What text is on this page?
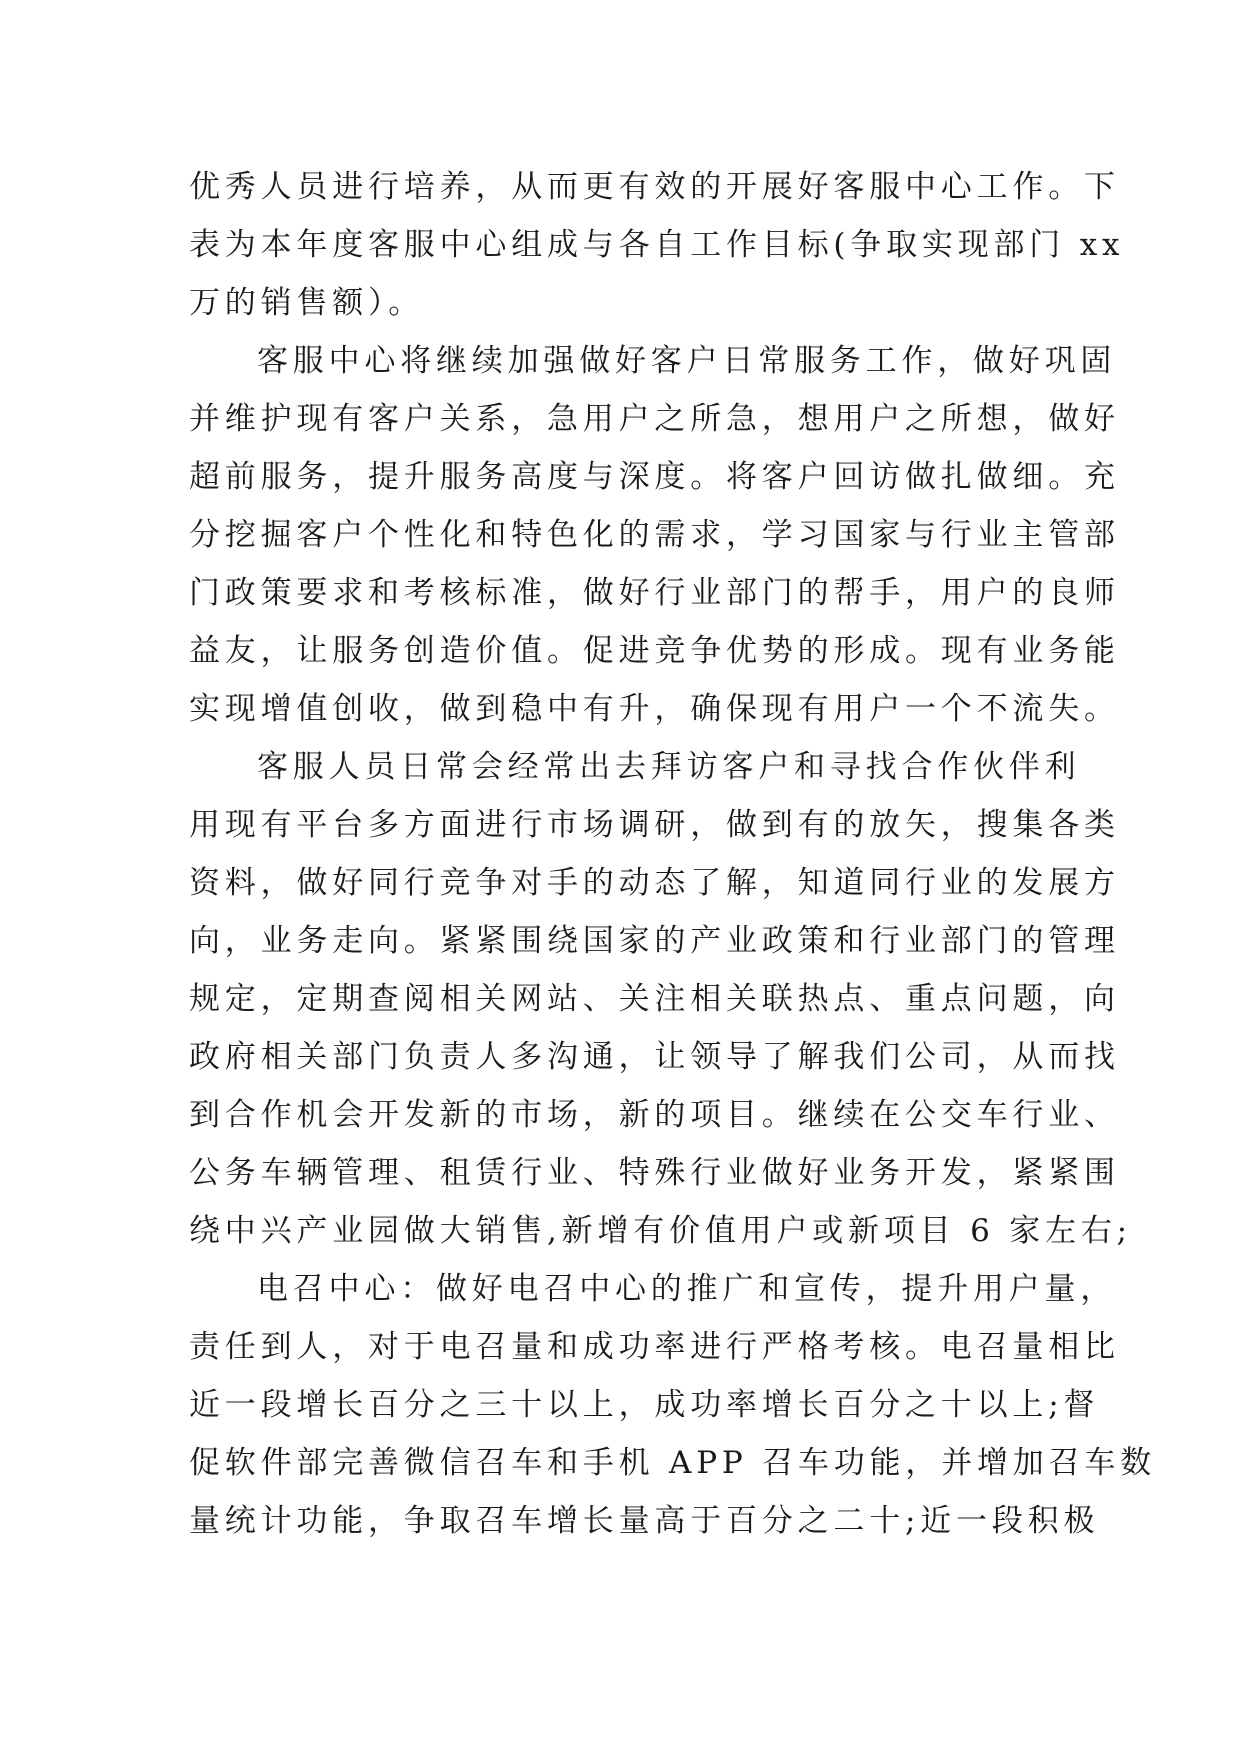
优秀人员进行培养，从而更有效的开展好客服中心工作。下
表为本年度客服中心组成与各自工作目标(争取实现部门 xx
万的销售额）。
客服中心将继续加强做好客户日常服务工作，做好巩固
并维护现有客户关系，急用户之所急，想用户之所想，做好
超前服务，提升服务高度与深度。将客户回访做扎做细。充
分挖掘客户个性化和特色化的需求，学习国家与行业主管部
门政策要求和考核标准，做好行业部门的帮手，用户的良师
益友，让服务创造价值。促进竞争优势的形成。现有业务能
实现增值创收，做到稳中有升，确保现有用户一个不流失。
客服人员日常会经常出去拜访客户和寻找合作伙伴利
用现有平台多方面进行市场调研，做到有的放矢，搜集各类
资料，做好同行竞争对手的动态了解，知道同行业的发展方
向，业务走向。紧紧围绕国家的产业政策和行业部门的管理
规定，定期查阅相关网站、关注相关联热点、重点问题，向
政府相关部门负责人多沟通，让领导了解我们公司，从而找
到合作机会开发新的市场，新的项目。继续在公交车行业、
公务车辆管理、租赁行业、特殊行业做好业务开发，紧紧围
绕中兴产业园做大销售,新增有价值用户或新项目 6 家左右;
电召中心：做好电召中心的推广和宣传，提升用户量，
责任到人，对于电召量和成功率进行严格考核。电召量相比
近一段增长百分之三十以上，成功率增长百分之十以上;督
促软件部完善微信召车和手机 APP 召车功能，并增加召车数
量统计功能，争取召车增长量高于百分之二十;近一段积极
